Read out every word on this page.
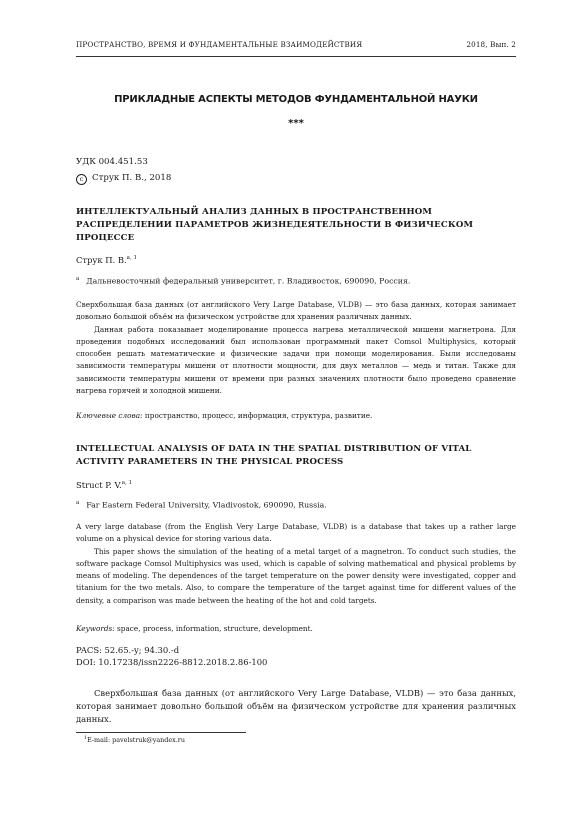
ПРОСТРАНСТВО, ВРЕМЯ И ФУНДАМЕНТАЛЬНЫЕ ВЗАИМОДЕЙСТВИЯ	2018, Вып. 2
ПРИКЛАДНЫЕ АСПЕКТЫ МЕТОДОВ ФУНДАМЕНТАЛЬНОЙ НАУКИ
***
УДК 004.451.53
c Струк П. В., 2018
ИНТЕЛЛЕКТУАЛЬНЫЙ АНАЛИЗ ДАННЫХ В ПРОСТРАНСТВЕННОМ РАСПРЕДЕЛЕНИИ ПАРАМЕТРОВ ЖИЗНЕДЕЯТЕЛЬНОСТИ В ФИЗИЧЕСКОМ ПРОЦЕССЕ
Струк П. В.$^{a, 1}$
$^a$ Дальневосточный федеральный университет, г. Владивосток, 690090, Россия.

Сверхбольшая база данных (от английского Very Large Database, VLDB) — это база данных, которая занимает довольно большой объём на физическом устройстве для хранения различных данных.

Данная работа показывает моделирование процесса нагрева металлической мишени магнетрона. Для проведения подобных исследований был использован программный пакет Comsol Multiphysics, который способен решать математические и физические задачи при помощи моделирования. Были исследованы зависимости температуры мишени от плотности мощности, для двух металлов — медь и титан. Также для зависимости температуры мишени от времени при разных значениях плотности было проведено сравнение нагрева горячей и холодной мишени.

Ключевые слова: пространство, процесс, информация, структура, развитие.
INTELLECTUAL ANALYSIS OF DATA IN THE SPATIAL DISTRIBUTION OF VITAL ACTIVITY PARAMETERS IN THE PHYSICAL PROCESS
Struct P. V.$^{a, 1}$
$^a$ Far Eastern Federal University, Vladivostok, 690090, Russia.

A very large database (from the English Very Large Database, VLDB) is a database that takes up a rather large volume on a physical device for storing various data.

This paper shows the simulation of the heating of a metal target of a magnetron. To conduct such studies, the software package Comsol Multiphysics was used, which is capable of solving mathematical and physical problems by means of modeling. The dependences of the target temperature on the power density were investigated, copper and titanium for the two metals. Also, to compare the temperature of the target against time for different values of the density, a comparison was made between the heating of the hot and cold targets.

Keywords: space, process, information, structure, development.
PACS: 52.65.-y; 94.30.-d
DOI: 10.17238/issn2226-8812.2018.2.86-100
Сверхбольшая база данных (от английского Very Large Database, VLDB) — это база данных, которая занимает довольно большой объём на физическом устройстве для хранения различных данных.
$^1$E-mail: pavelstruk@yandex.ru
